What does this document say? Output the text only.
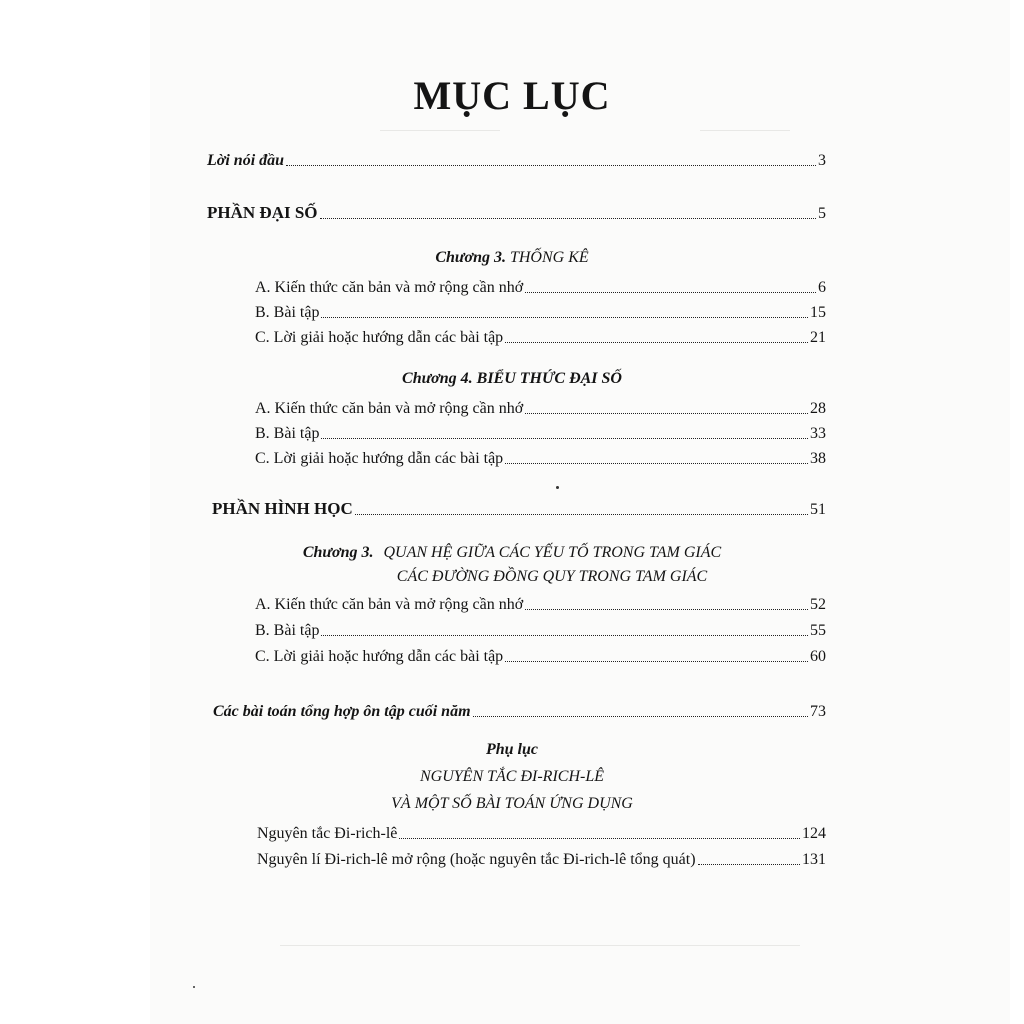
MỤC LỤC
Lời nói đầu	3
PHẦN ĐẠI SỐ	5
Chương 3. THỐNG KÊ
A. Kiến thức căn bản và mở rộng cần nhớ	6
B. Bài tập	15
C. Lời giải hoặc hướng dẫn các bài tập	21
Chương 4. BIỂU THỨC ĐẠI SỐ
A. Kiến thức căn bản và mở rộng cần nhớ	28
B. Bài tập	33
C. Lời giải hoặc hướng dẫn các bài tập	38
PHẦN HÌNH HỌC	51
Chương 3. QUAN HỆ GIỮA CÁC YẾU TỐ TRONG TAM GIÁC
CÁC ĐƯỜNG ĐỒNG QUY TRONG TAM GIÁC
A. Kiến thức căn bản và mở rộng cần nhớ	52
B. Bài tập	55
C. Lời giải hoặc hướng dẫn các bài tập	60
Các bài toán tổng hợp ôn tập cuối năm	73
Phụ lục
NGUYÊN TẮC ĐI-RICH-LÊ
VÀ MỘT SỐ BÀI TOÁN ỨNG DỤNG
Nguyên tắc Đi-rich-lê	124
Nguyên lí Đi-rich-lê mở rộng (hoặc nguyên tắc Đi-rich-lê tổng quát)	131
